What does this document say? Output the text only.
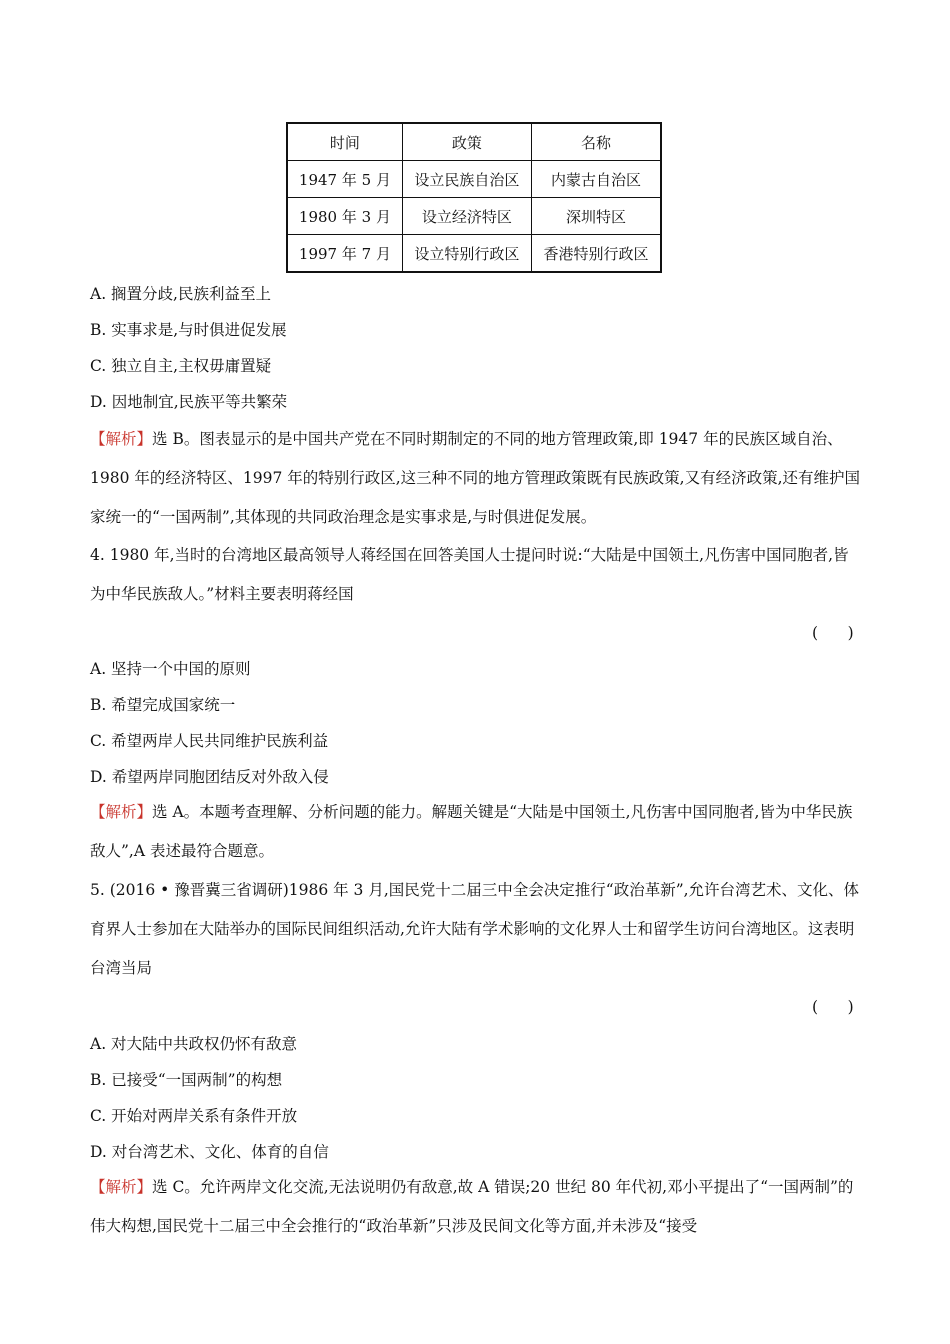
时间	政策	名称
1947 年 5 月	设立民族自治区	内蒙古自治区
1980 年 3 月	设立经济特区	深圳特区
1997 年 7 月	设立特别行政区	香港特别行政区
A. 搁置分歧,民族利益至上
B. 实事求是,与时俱进促发展
C. 独立自主,主权毋庸置疑
D. 因地制宜,民族平等共繁荣
【解析】选 B。图表显示的是中国共产党在不同时期制定的不同的地方管理政策,即 1947 年的民族区域自治、1980 年的经济特区、1997 年的特别行政区,这三种不同的地方管理政策既有民族政策,又有经济政策,还有维护国家统一的“一国两制”,其体现的共同政治理念是实事求是,与时俱进促发展。
4. 1980 年,当时的台湾地区最高领导人蒋经国在回答美国人士提问时说:“大陆是中国领土,凡伤害中国同胞者,皆为中华民族敌人。”材料主要表明蒋经国
(      )
A. 坚持一个中国的原则
B. 希望完成国家统一
C. 希望两岸人民共同维护民族利益
D. 希望两岸同胞团结反对外敌入侵
【解析】选 A。本题考查理解、分析问题的能力。解题关键是“大陆是中国领土,凡伤害中国同胞者,皆为中华民族敌人”,A 表述最符合题意。
5. (2016 • 豫晋冀三省调研)1986 年 3 月,国民党十二届三中全会决定推行“政治革新”,允许台湾艺术、文化、体育界人士参加在大陆举办的国际民间组织活动,允许大陆有学术影响的文化界人士和留学生访问台湾地区。这表明台湾当局
(      )
A. 对大陆中共政权仍怀有敌意
B. 已接受“一国两制”的构想
C. 开始对两岸关系有条件开放
D. 对台湾艺术、文化、体育的自信
【解析】选 C。允许两岸文化交流,无法说明仍有敌意,故 A 错误;20 世纪 80 年代初,邓小平提出了“一国两制”的伟大构想,国民党十二届三中全会推行的“政治革新”只涉及民间文化等方面,并未涉及“接受
